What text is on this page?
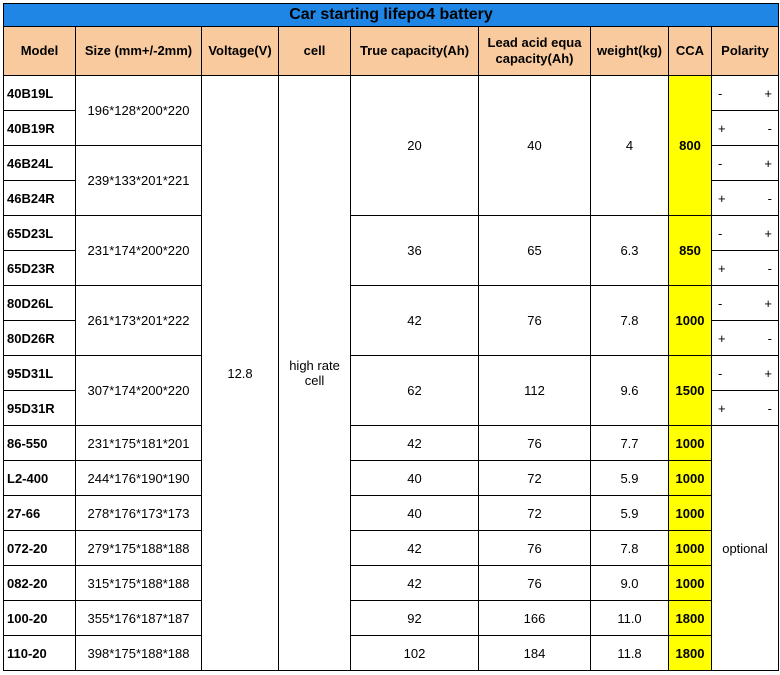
Car starting lifepo4 battery								
Model	Size (mm+/-2mm)	Voltage(V)	cell	True capacity(Ah)	Lead acid equa capacity(Ah)	weight(kg)	CCA	Polarity
40B19L	196*128*200*220	12.8	high rate cell	20	40	4	800	- +

40B19R								+ -

46B24L	239*133*201*221							- +

46B24R								+ -

65D23L	231*174*200*220			36	65	6.3	850	- +

65D23R								+ -

80D26L	261*173*201*222			42	76	7.8	1000	- +

80D26R								+ -

95D31L	307*174*200*220			62	112	9.6	1500	- +

95D31R								+ -

86-550	231*175*181*201			42	76	7.7	1000	optional
L2-400	244*176*190*190			40	72	5.9	1000	
27-66	278*176*173*173			40	72	5.9	1000	
072-20	279*175*188*188			42	76	7.8	1000	
082-20	315*175*188*188			42	76	9.0	1000	
100-20	355*176*187*187			92	166	11.0	1800	
110-20	398*175*188*188			102	184	11.8	1800	
